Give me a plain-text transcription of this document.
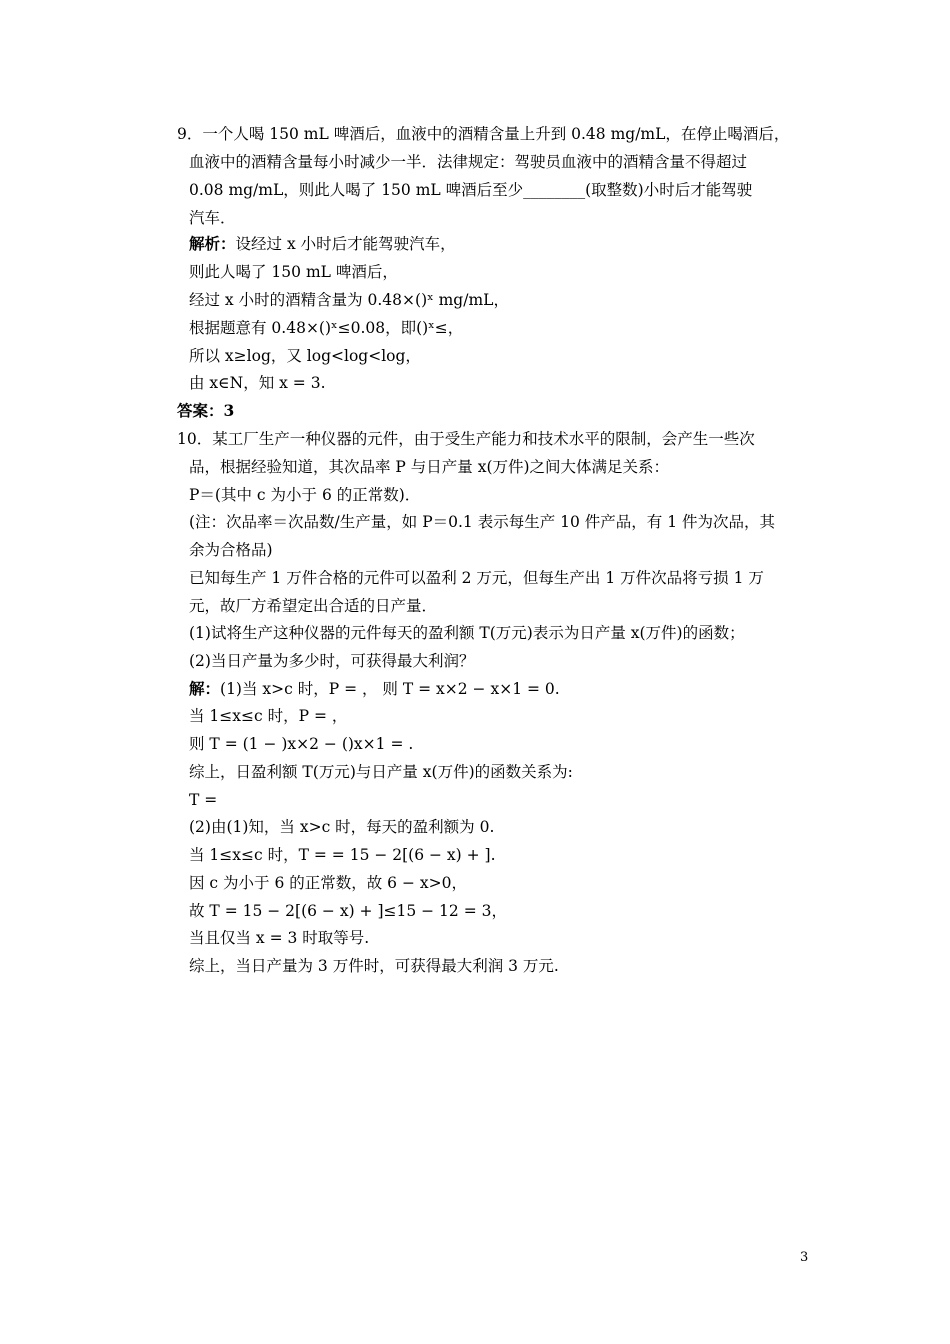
9．一个人喝 150 mL 啤酒后，血液中的酒精含量上升到 0.48 mg/mL，在停止喝酒后，
血液中的酒精含量每小时减少一半．法律规定：驾驶员血液中的酒精含量不得超过
0.08 mg/mL，则此人喝了 150 mL 啤酒后至少________(取整数)小时后才能驾驶
汽车．
解析：设经过 x 小时后才能驾驶汽车，
则此人喝了 150 mL 啤酒后，
经过 x 小时的酒精含量为 0.48×()ˣ mg/mL，
根据题意有 0.48×()ˣ≤0.08，即()ˣ≤，
所以 x≥log，又 log<log<log，
由 x∈N，知 x = 3.
答案：3
10．某工厂生产一种仪器的元件，由于受生产能力和技术水平的限制，会产生一些次
品，根据经验知道，其次品率 P 与日产量 x(万件)之间大体满足关系：
P＝(其中 c 为小于 6 的正常数)．
(注：次品率＝次品数/生产量，如 P＝0.1 表示每生产 10 件产品，有 1 件为次品，其
余为合格品)
已知每生产 1 万件合格的元件可以盈利 2 万元，但每生产出 1 万件次品将亏损 1 万
元，故厂方希望定出合适的日产量．
(1)试将生产这种仪器的元件每天的盈利额 T(万元)表示为日产量 x(万件)的函数；
(2)当日产量为多少时，可获得最大利润？
解：(1)当 x>c 时，P = ， 则 T = x×2 − x×1 = 0.
当 1≤x≤c 时，P = ，
则 T = (1 − )x×2 − ()x×1 = .
综上，日盈利额 T(万元)与日产量 x(万件)的函数关系为:
T =
(2)由(1)知，当 x>c 时，每天的盈利额为 0.
当 1≤x≤c 时，T = = 15 − 2[(6 − x) + ].
因 c 为小于 6 的正常数，故 6 − x>0，
故 T = 15 − 2[(6 − x) + ]≤15 − 12 = 3，
当且仅当 x = 3 时取等号.
综上，当日产量为 3 万件时，可获得最大利润 3 万元.
3
